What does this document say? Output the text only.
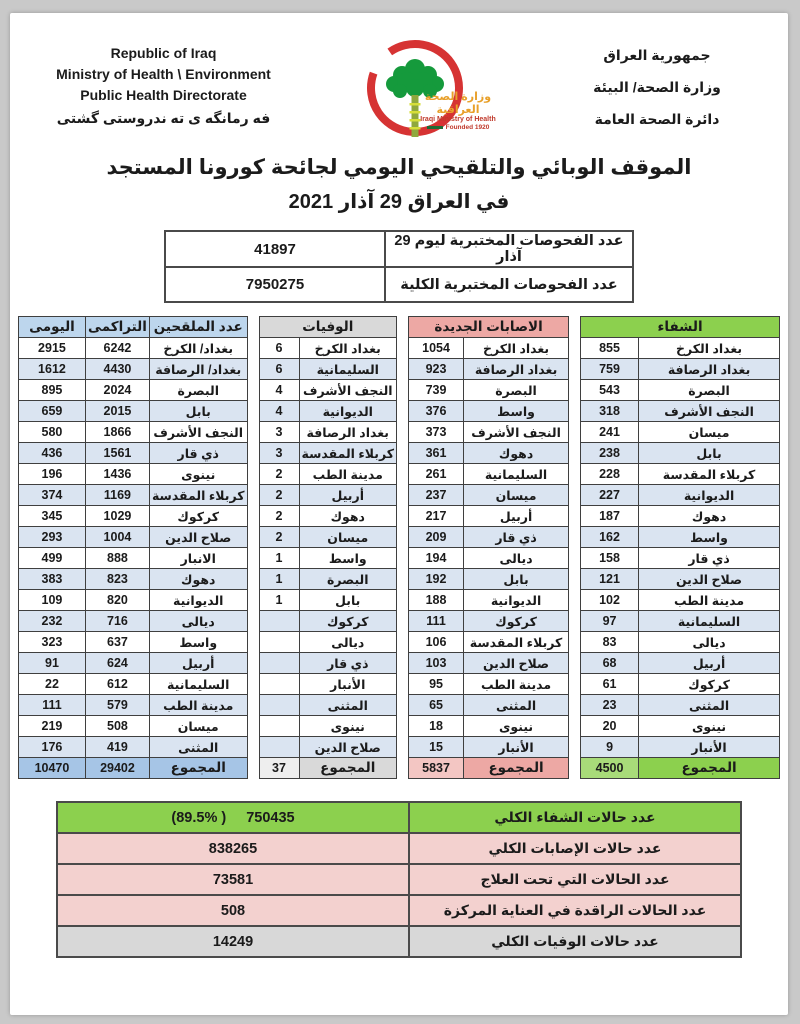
Republic of Iraq
Ministry of Health \ Environment
Public Health Directorate
فه رمانگه ی ته ندروستی گشتی
وزارة الصحة العراقية
Iraqi Ministry of Health
Founded 1920
جمهورية العراق
وزارة الصحة/ البيئة
دائرة الصحة العامة
الموقف الوبائي والتلقيحي اليومي لجائحة كورونا المستجد
في العراق 29 آذار 2021
عدد الفحوصات المختبرية ليوم 29 آذار	41897
عدد الفحوصات المختبرية الكلية	7950275
الشفاء	
بغداد الكرخ	855
بغداد الرصافة	759
البصرة	543
النجف الأشرف	318
ميسان	241
بابل	238
كربلاء المقدسة	228
الديوانية	227
دهوك	187
واسط	162
ذي قار	158
صلاح الدين	121
مدينة الطب	102
السليمانية	97
ديالى	83
أربيل	68
كركوك	61
المثنى	23
نينوى	20
الأنبار	9
المجموع	4500
الاصابات الجديدة	
بغداد الكرخ	1054
بغداد الرصافة	923
البصرة	739
واسط	376
النجف الأشرف	373
دهوك	361
السليمانية	261
ميسان	237
أربيل	217
ذي قار	209
ديالى	194
بابل	192
الديوانية	188
كركوك	111
كربلاء المقدسة	106
صلاح الدين	103
مدينة الطب	95
المثنى	65
نينوى	18
الأنبار	15
المجموع	5837
الوفيات	
بغداد الكرخ	6
السليمانية	6
النجف الأشرف	4
الديوانية	4
بغداد الرصافة	3
كربلاء المقدسة	3
مدينة الطب	2
أربيل	2
دهوك	2
ميسان	2
واسط	1
البصرة	1
بابل	1
كركوك	
ديالى	
ذي قار	
الأنبار	
المثنى	
نينوى	
صلاح الدين	
المجموع	37
عدد الملقحين	التراكمى	اليومى
بغداد/ الكرخ	6242	2915
بغداد/ الرصافة	4430	1612
البصرة	2024	895
بابل	2015	659
النجف الأشرف	1866	580
ذي قار	1561	436
نينوى	1436	196
كربلاء المقدسة	1169	374
كركوك	1029	345
صلاح الدين	1004	293
الانبار	888	499
دهوك	823	383
الديوانية	820	109
ديالى	716	232
واسط	637	323
أربيل	624	91
السليمانية	612	22
مدينة الطب	579	111
ميسان	508	219
المثنى	419	176
المجموع	29402	10470
عدد حالات الشفاء الكلي	(89.5% ) 750435

عدد حالات الإصابات الكلي	838265

عدد الحالات التي تحت العلاج	73581

عدد الحالات الراقدة في العناية المركزة	508

عدد حالات الوفيات الكلي	14249
